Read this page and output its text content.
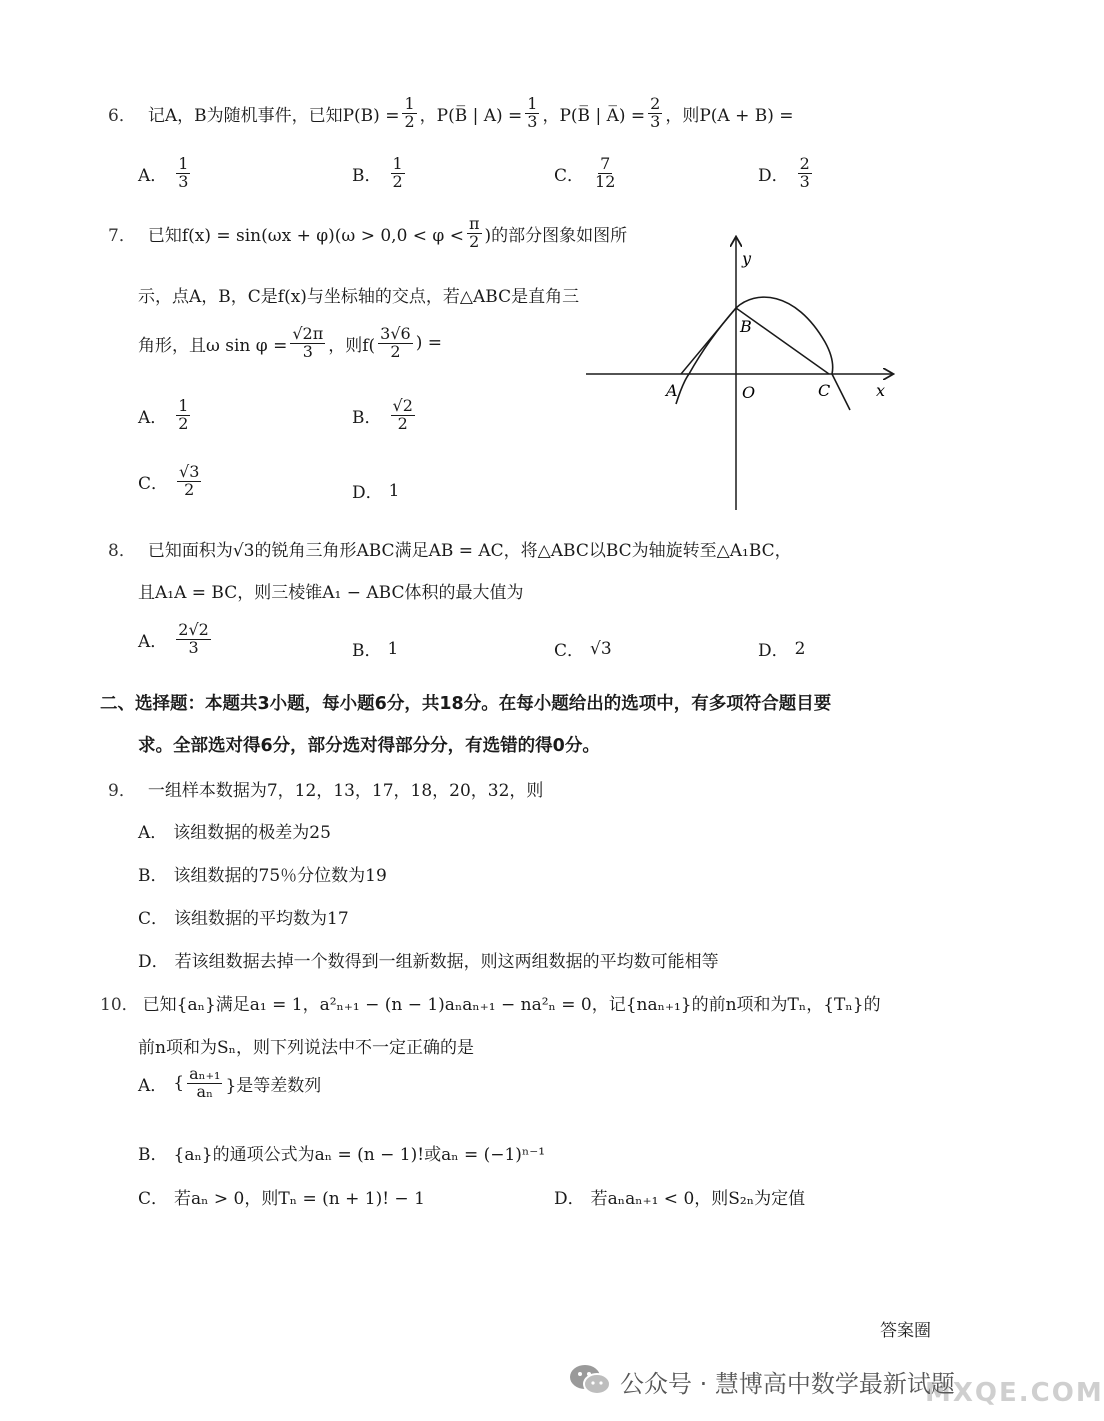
6． 记A，B为随机事件，已知$P(B) = \frac{1}{2}$ ，P(B̅ | $A) = \frac{1}{3}$ ，P(B̅ | A̅) = $\frac{2}{3}$ ，则P(A + B) =
A． $\frac{1}{3}$	B． $\frac{1}{2}$	C． $\frac{7}{12}$	D． $\frac{2}{3}$
7． 已知$f(x) = \sin(\omega x + \varphi)(\omega > 0,0 < \varphi < \frac{\pi}{2}$ )的部分图象如图所
示，点A，B，C是f(x)与坐标轴的交点，若△ABC是直角三
角形，且ω $\sin \varphi = \frac{√2\pi}{3}$ ，则$f( \frac{3√6}{2}$ ) =
A． $\frac{1}{2}$	B． $\frac{√2}{2}$
C． $\frac{√3}{2}$	D． 1
y
x
A
B
O	C
8． 已知面积为√3的锐角三角形ABC满足AB = AC，将△ABC以BC为轴旋转至△A₁BC，
且A₁A = BC，则三棱锥A₁ − ABC体积的最大值为
A． $\frac{2√2}{3}$	B． 1	C． √3	D． 2
二、选择题：本题共3小题，每小题6分，共18分。在每小题给出的选项中，有多项符合题目要
求。全部选对得6分，部分选对得部分分，有选错的得0分。
9． 一组样本数据为7，12，13，17，18，20，32，则
A． 该组数据的极差为25
B． 该组数据的75％分位数为19
C． 该组数据的平均数为17
D． 若该组数据去掉一个数得到一组新数据，则这两组数据的平均数可能相等
10． 已知{aₙ}满足a₁ = 1，a²ₙ₊₁ − (n − 1)aₙaₙ₊₁ − na²ₙ = 0，记{naₙ₊₁}的前n项和为Tₙ，{Tₙ}的
前n项和为Sₙ，则下列说法中不一定正确的是
A． { $\frac{\text{aₙ₊₁}}{\text{aₙ}}$ }是等差数列
B． {aₙ}的通项公式为aₙ = (n − 1)!或aₙ = (−1)ⁿ⁻¹
C． 若aₙ > 0，则Tₙ = (n + 1)! − 1	D． 若aₙaₙ₊₁ < 0，则S₂ₙ为定值
答案圈
MXQE.COM
公众号 · 慧博高中数学最新试题
